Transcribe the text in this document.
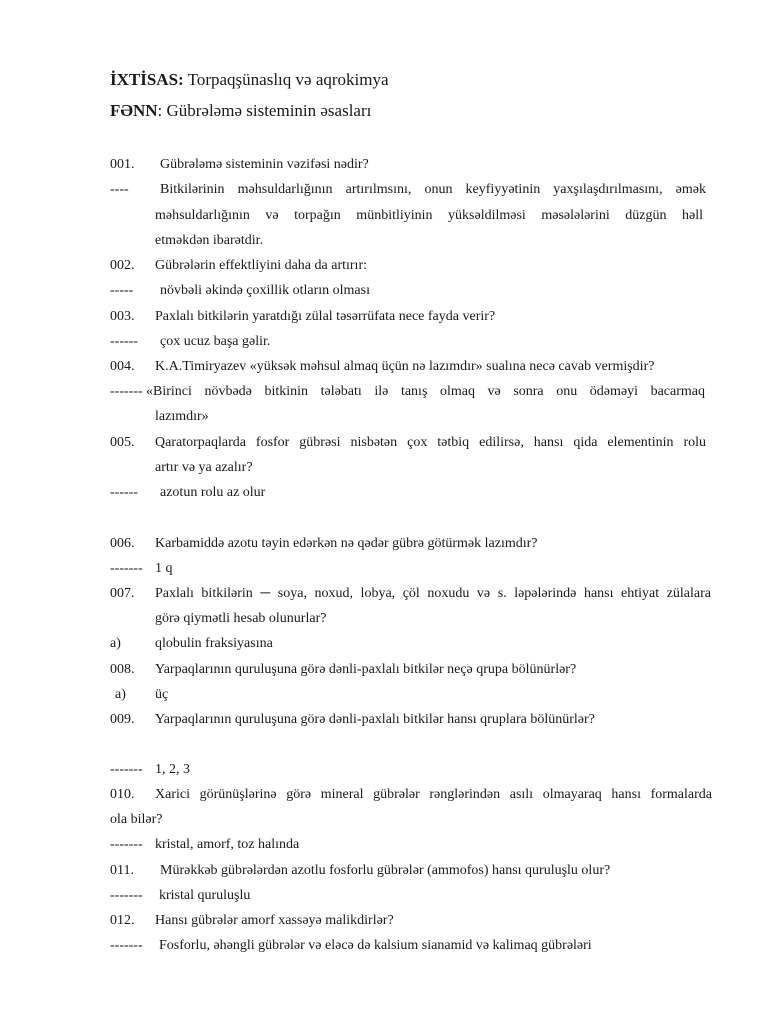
İXTİSAS: Torpaqşünaslıq və aqrokimya
FƏNN: Gübrələmə sisteminin əsasları
001. Gübrələmə sisteminin vəzifəsi nədir?
---- Bitkilərinin məhsuldarlığının artırılmsını, onun keyfiyyətinin yaxşılaşdırılmasını, əmək
məhsuldarlığının və torpağın münbitliyinin yüksəldilməsi məsələlərini düzgün həll
etməkdən ibarətdir.
002. Gübrələrin effektliyini daha da artırır:
----- növbəli əkində çoxillik otların olması
003. Paxlalı bitkilərin yaratdığı zülal təsərrüfata nece fayda verir?
------ çox ucuz başa gəlir.
004. K.A.Timiryazev «yüksək məhsul almaq üçün nə lazımdır» sualına necə cavab vermişdir?
------- «Birinci növbədə bitkinin tələbatı ilə tanış olmaq və sonra onu ödəməyi bacarmaq
lazımdır»
005. Qaratorpaqlarda fosfor gübrəsi nisbətən çox tətbiq edilirsə, hansı qida elementinin rolu
artır və ya azalır?
------ azotun rolu az olur
006. Karbamiddə azotu təyin edərkən nə qədər gübrə götürmək lazımdır?
------- 1 q
007. Paxlalı bitkilərin ─ soya, noxud, lobya, çöl noxudu və s. ləpələrində hansı ehtiyat zülalara
görə qiymətli hesab olunurlar?
a) qlobulin fraksiyasına
008. Yarpaqlarının quruluşuna görə dənli-paxlalı bitkilər neçə qrupa bölünürlər?
a) üç
009. Yarpaqlarının quruluşuna görə dənli-paxlalı bitkilər hansı qruplara bölünürlər?
------- 1, 2, 3
010. Xarici görünüşlərinə görə mineral gübrələr rənglərindən asılı olmayaraq hansı formalarda
ola bilər?
------- kristal, amorf, toz halında
011. Mürəkkəb gübrələrdən azotlu fosforlu gübrələr (ammofos) hansı quruluşlu olur?
------- kristal quruluşlu
012. Hansı gübrələr amorf xassəyə malikdirlər?
------- Fosforlu, əhəngli gübrələr və eləcə də kalsium sianamid və kalimaq gübrələri
